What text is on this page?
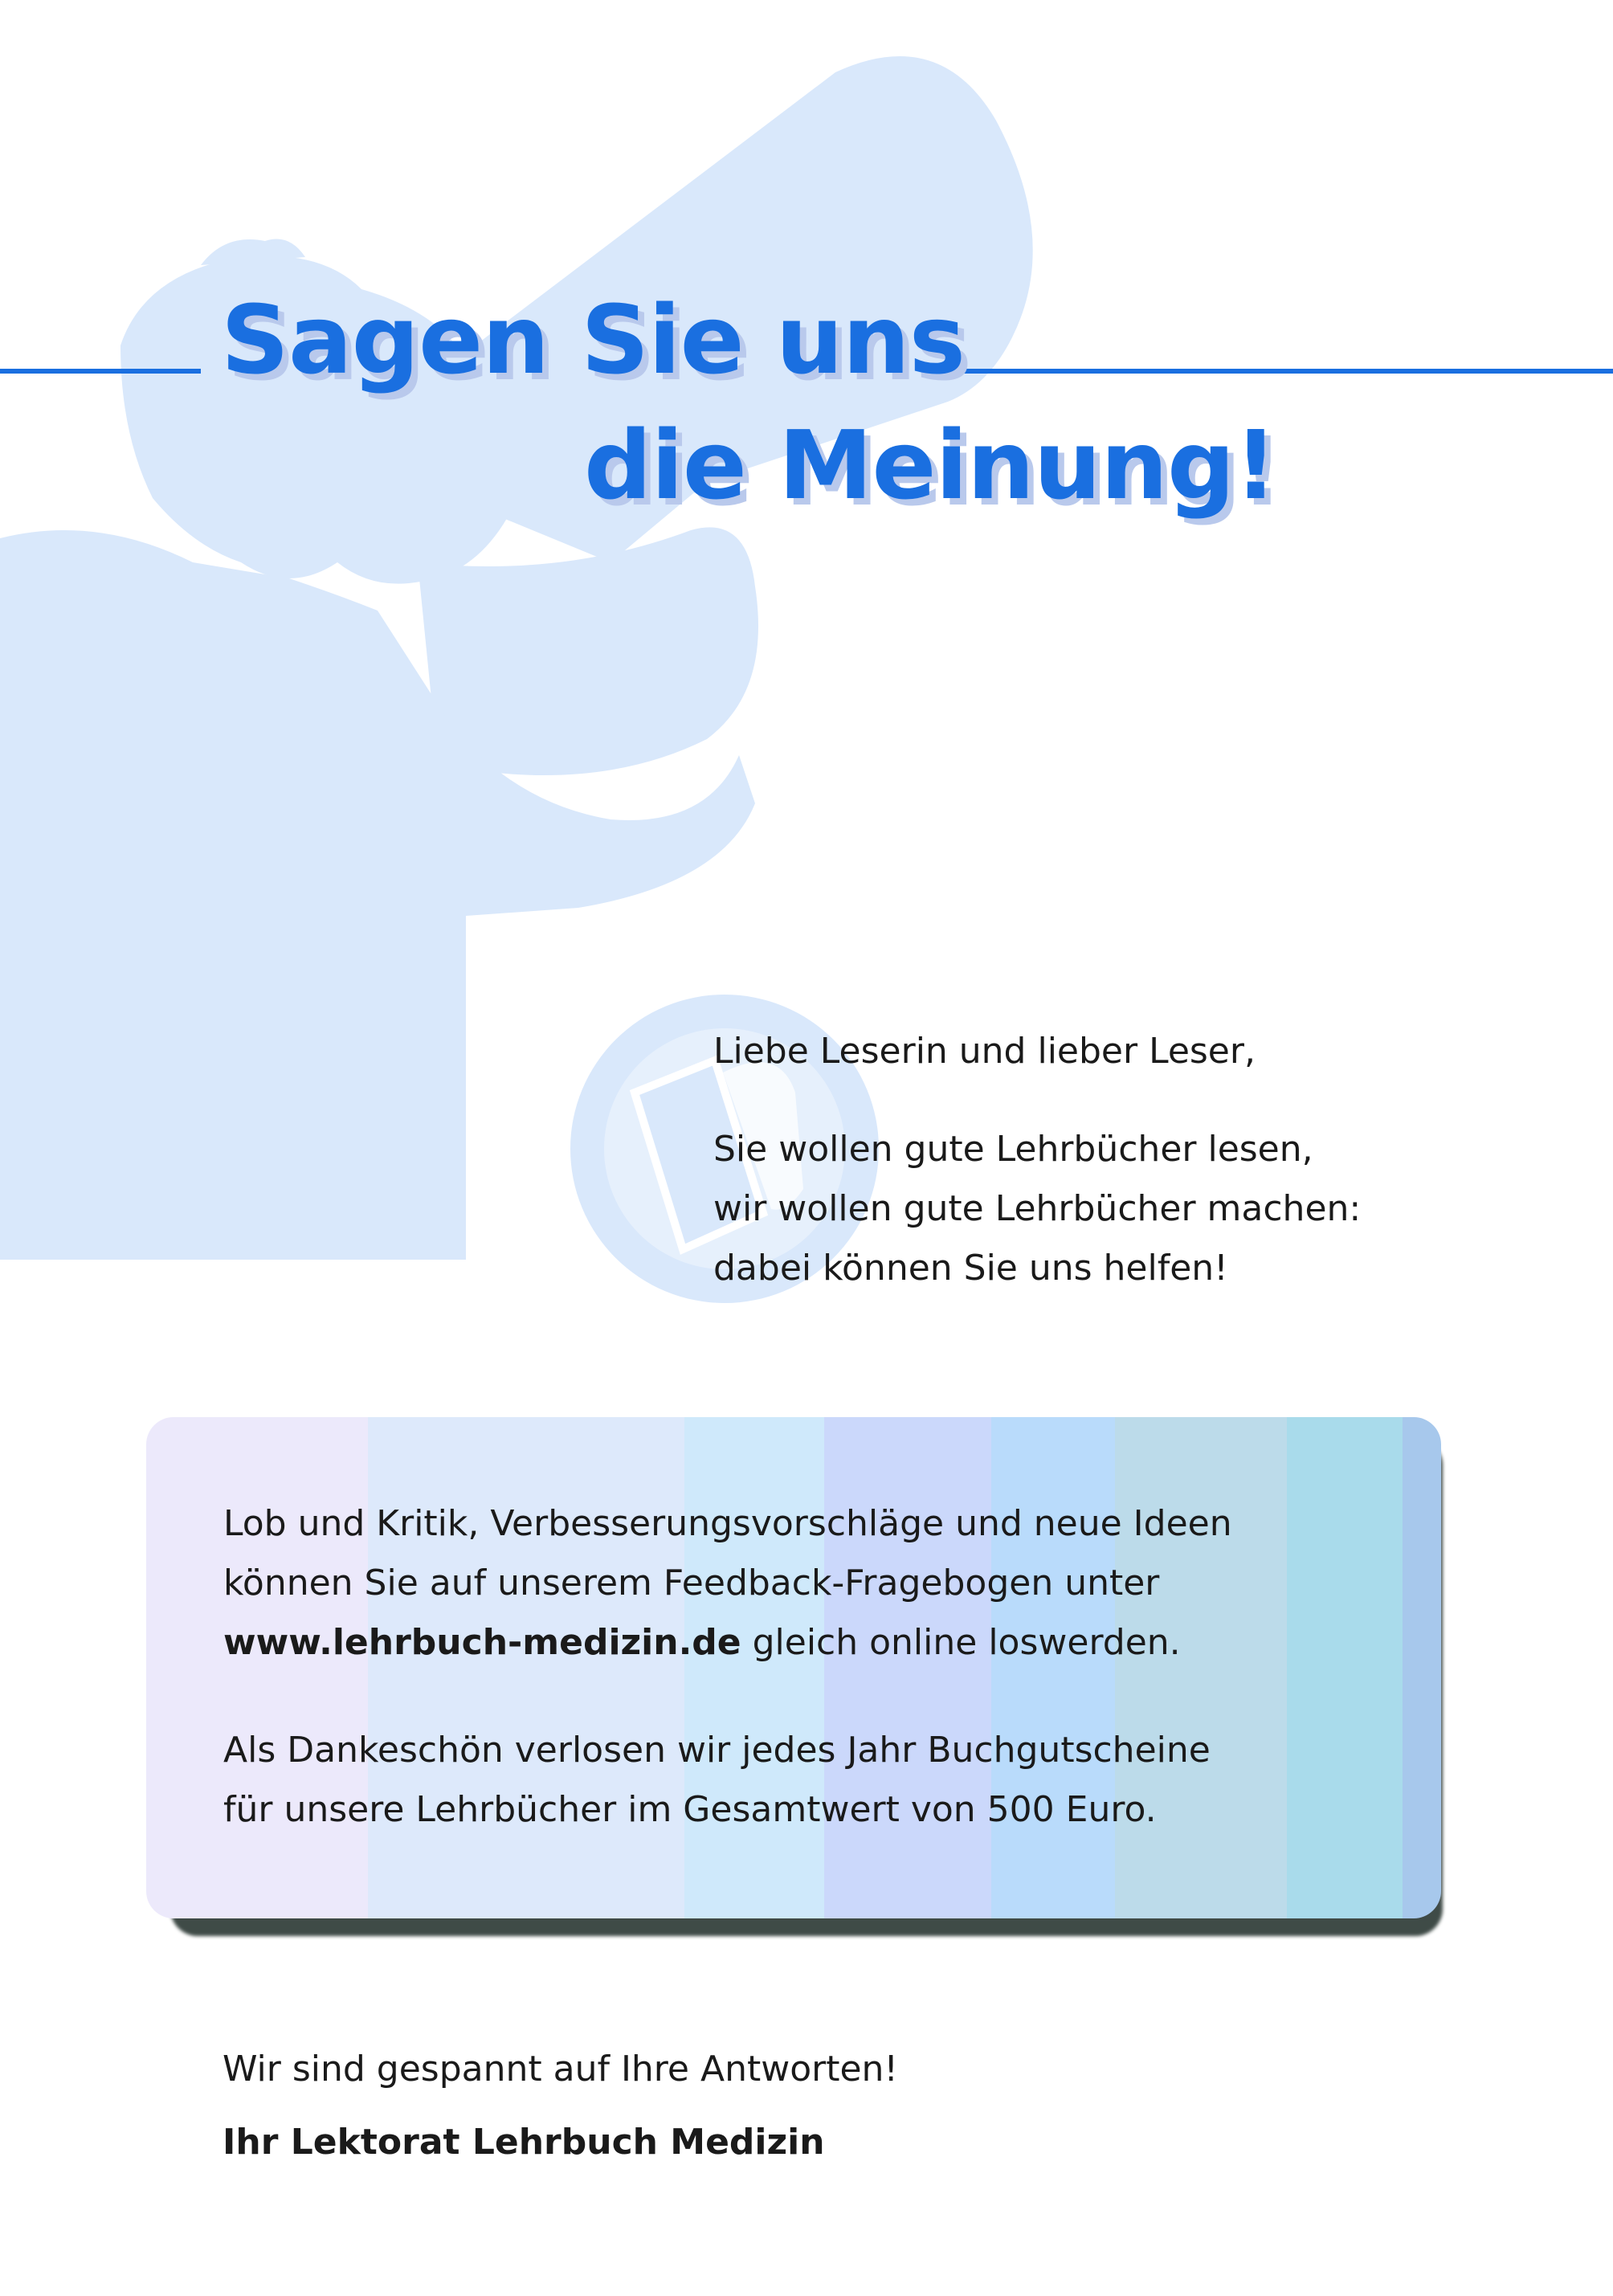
Sagen Sie uns
die Meinung!

Liebe Leserin und lieber Leser,

Sie wollen gute Lehrbücher lesen,
wir wollen gute Lehrbücher machen:
dabei können Sie uns helfen!

Lob und Kritik, Verbesserungsvorschläge und neue Ideen
können Sie auf unserem Feedback-Fragebogen unter
www.lehrbuch-medizin.de gleich online loswerden.

Als Dankeschön verlosen wir jedes Jahr Buchgutscheine
für unsere Lehrbücher im Gesamtwert von 500 Euro.

Wir sind gespannt auf Ihre Antworten!

Ihr Lektorat Lehrbuch Medizin
